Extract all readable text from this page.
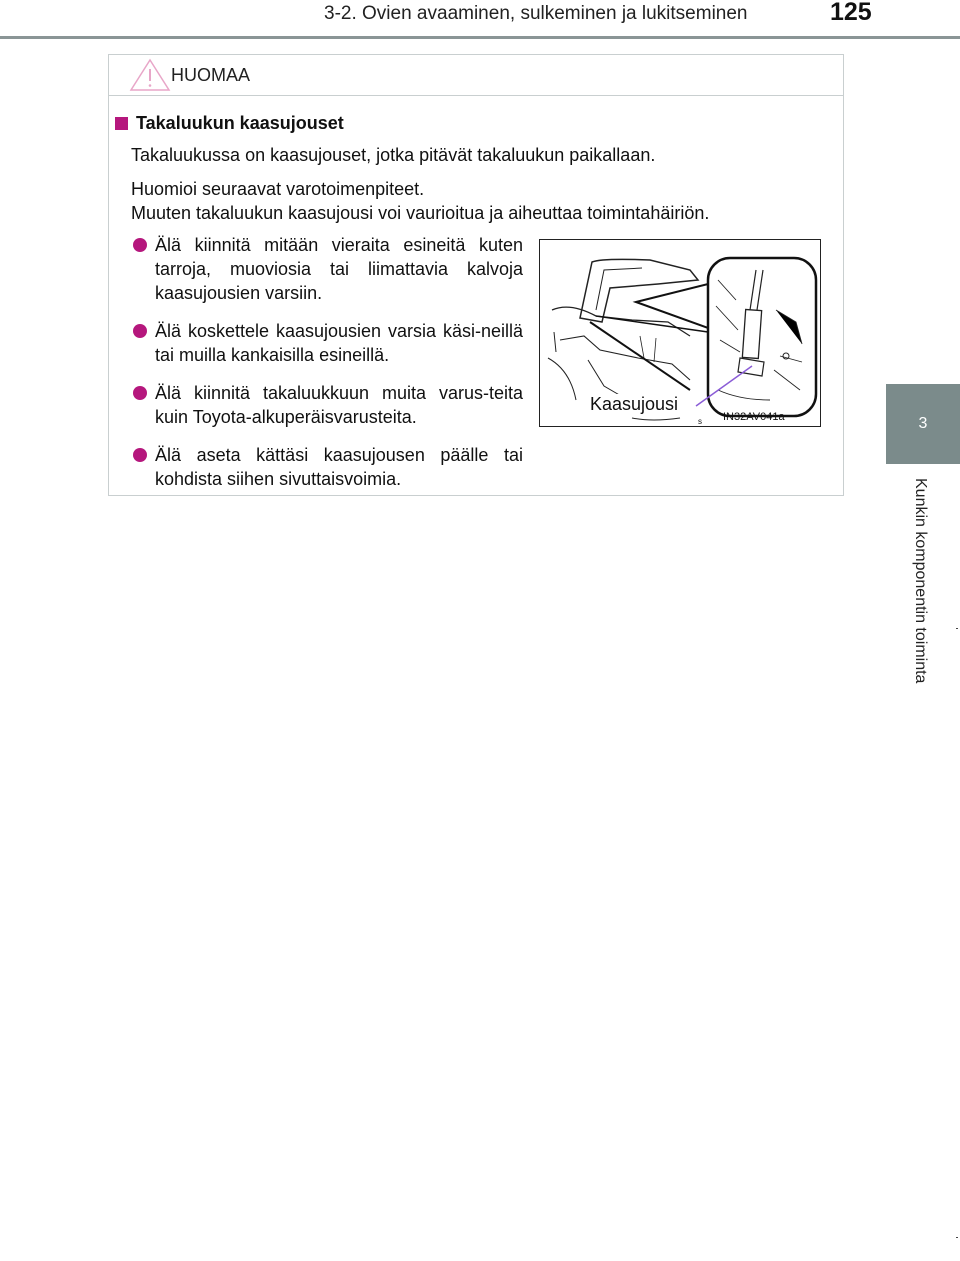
3-2. Ovien avaaminen, sulkeminen ja lukitseminen	125
3
Kunkin komponentin toiminta
HUOMAA
Takaluukun kaasujouset
Takaluukussa on kaasujouset, jotka pitävät takaluukun paikallaan.
Huomioi seuraavat varotoimenpiteet.
Muuten takaluukun kaasujousi voi vaurioitua ja aiheuttaa toimintahäiriön.
Älä kiinnitä mitään vieraita esineitä kuten tarroja, muoviosia tai liimattavia kalvoja kaasujousien varsiin.
Älä koskettele kaasujousien varsia käsi-neillä tai muilla kankaisilla esineillä.
Älä kiinnitä takaluukkuun muita varus-teita kuin Toyota-alkuperäisvarusteita.
Älä aseta kättäsi kaasujousen päälle tai kohdista siihen sivuttaisvoimia.
s
Kaasujousi
IN32AV041a
